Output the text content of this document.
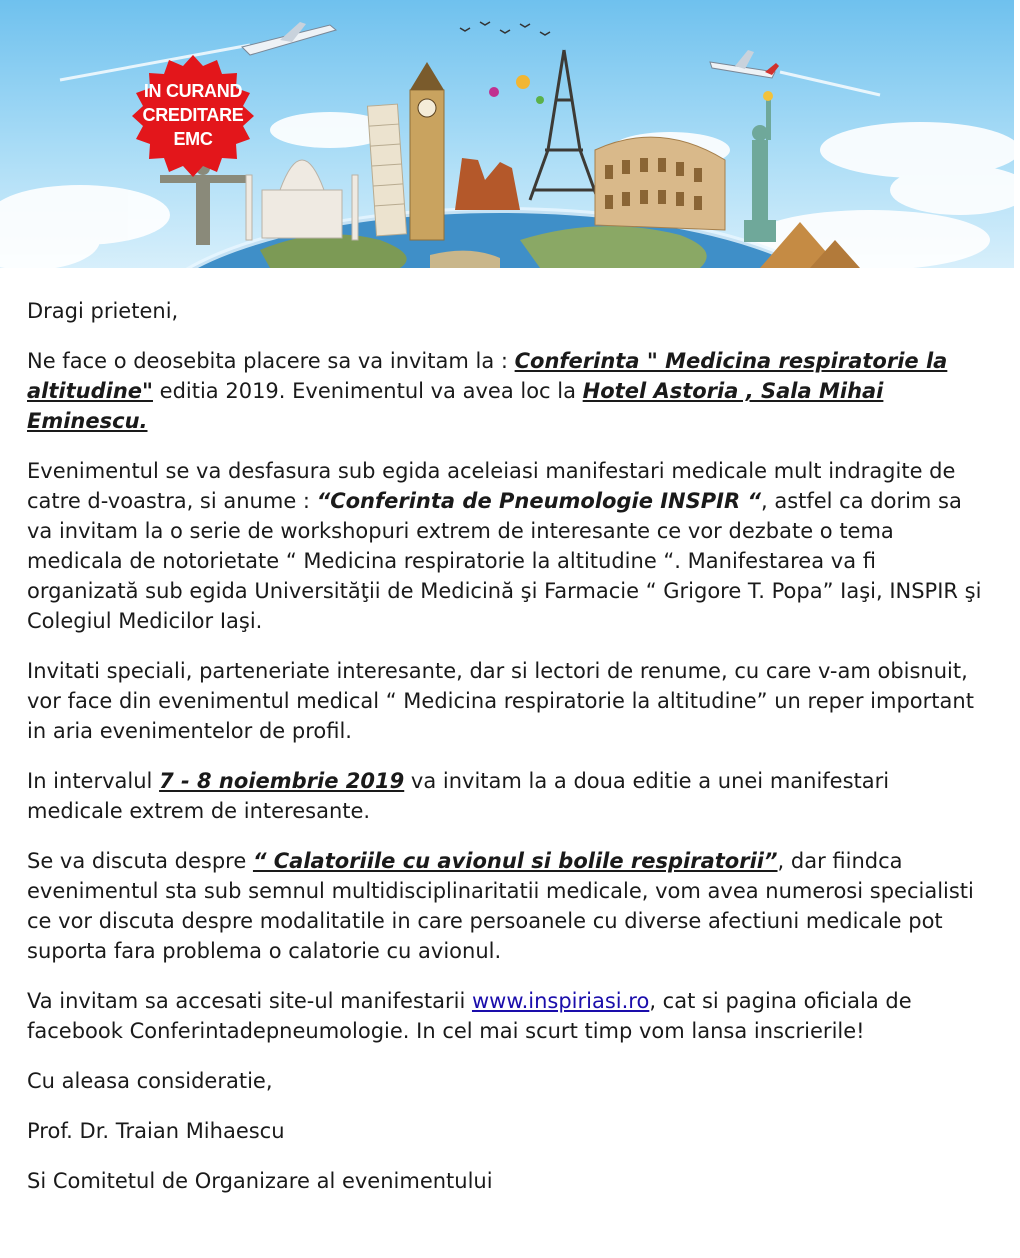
IN CURAND
CREDITARE
EMC

Dragi prieteni,

Ne face o deosebita placere sa va invitam la : Conferinta " Medicina respiratorie la altitudine" editia 2019. Evenimentul va avea loc la Hotel Astoria , Sala Mihai Eminescu.

Evenimentul se va desfasura sub egida aceleiasi manifestari medicale mult indragite de catre d-voastra, si anume : “Conferinta de Pneumologie INSPIR “, astfel ca dorim sa va invitam la o serie de workshopuri extrem de interesante ce vor dezbate o tema medicala de notorietate “ Medicina respiratorie la altitudine “. Manifestarea va fi organizată sub egida Universităţii de Medicină şi Farmacie “ Grigore T. Popa” Iaşi, INSPIR şi Colegiul Medicilor Iaşi.

Invitati speciali, parteneriate interesante, dar si lectori de renume, cu care v-am obisnuit, vor face din evenimentul medical “ Medicina respiratorie la altitudine” un reper important in aria evenimentelor de profil.

In intervalul 7 - 8 noiembrie 2019 va invitam la a doua editie a unei manifestari medicale extrem de interesante.

Se va discuta despre “ Calatoriile cu avionul si bolile respiratorii”, dar fiindca evenimentul sta sub semnul multidisciplinaritatii medicale, vom avea numerosi specialisti ce vor discuta despre modalitatile in care persoanele cu diverse afectiuni medicale pot suporta fara problema o calatorie cu avionul.

Va invitam sa accesati site-ul manifestarii www.inspiriasi.ro, cat si pagina oficiala de facebook Conferintadepneumologie. In cel mai scurt timp vom lansa inscrierile!

Cu aleasa consideratie,

Prof. Dr. Traian Mihaescu

Si Comitetul de Organizare al evenimentului
